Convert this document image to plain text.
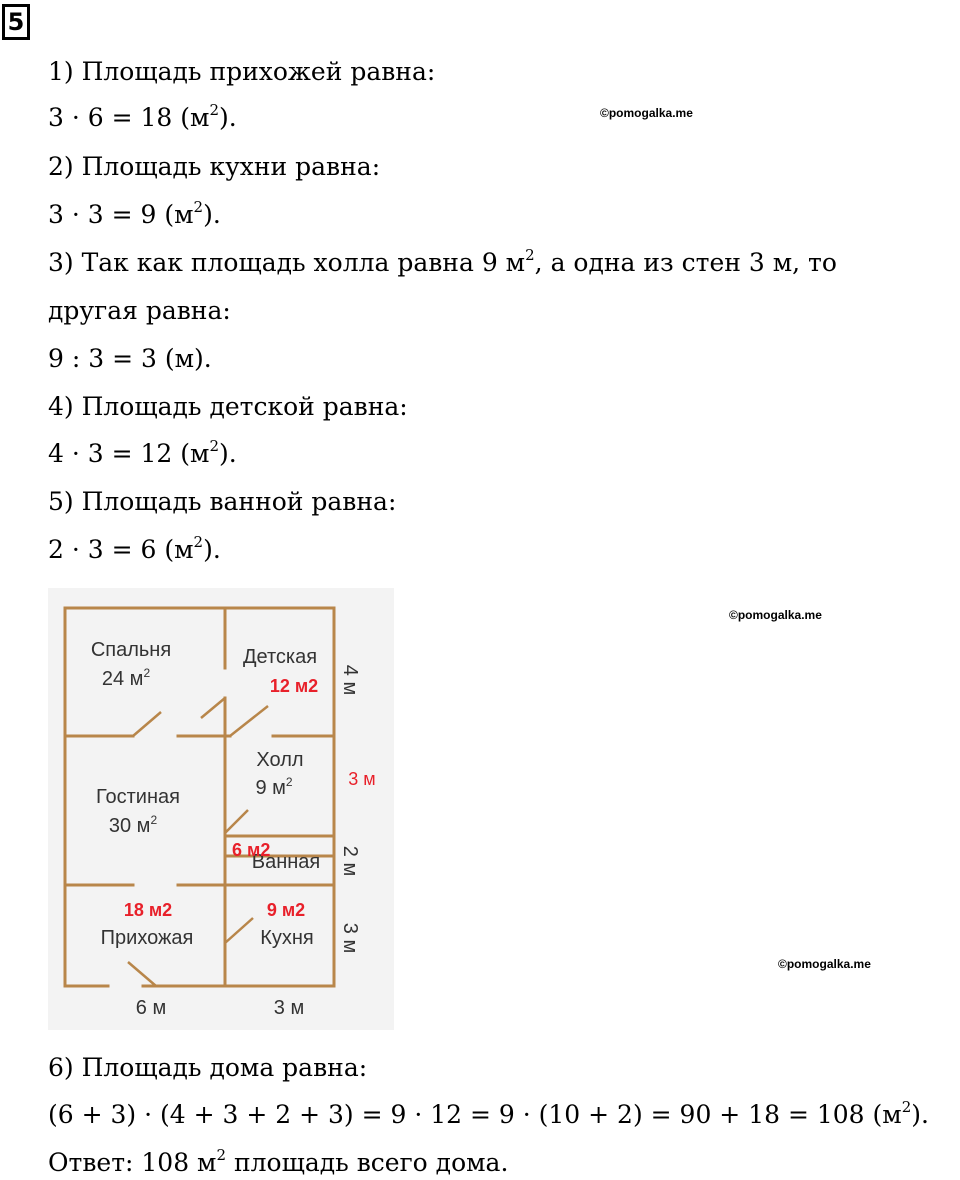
5
1) Площадь прихожей равна:
3 · 6 = 18 $(м^2)$.	©pomogalka.me
2) Площадь кухни равна:
3 · 3 = 9 $(м^2)$.
3) Так как площадь холла равна 9 $м^2$, а одна из стен 3 м, то
другая равна:
9 : 3 = 3 (м).
4) Площадь детской равна:
4 · 3 = 12 $(м^2)$.
5) Площадь ванной равна:
2 · 3 = 6 $(м^2)$.
Спальня
24 $м^2$
Детская
12 м2
Холл
9 $м^2$
Гостиная
30 $м^2$
Ванная
6 м2
18 м2
Прихожая
9 м2
Кухня
4 м
3 м
2 м
3 м
6 м	3 м
©pomogalka.me
©pomogalka.me
6) Площадь дома равна:
(6 + 3) · (4 + 3 + 2 + 3) = 9 · 12 = 9 · (10 + 2) = 90 + 18 = 108 $(м^2)$.
Ответ: 108 $м^2$ площадь всего дома.
